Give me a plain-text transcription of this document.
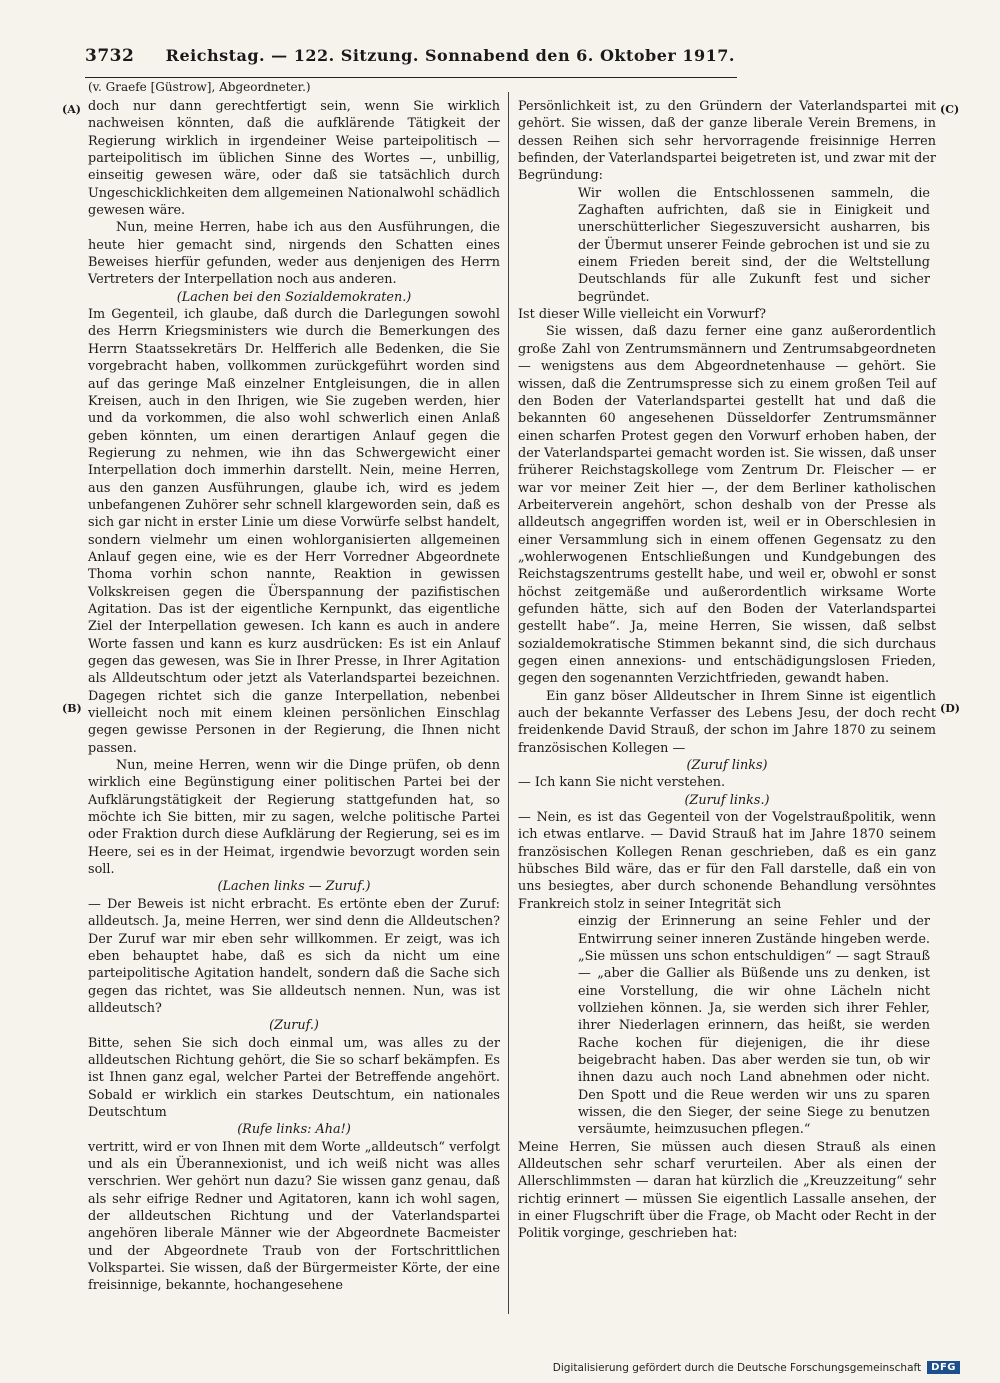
3732 Reichstag. — 122. Sitzung. Sonnabend den 6. Oktober 1917.
(v. Graefe [Güstrow], Abgeordneter.)
(A)
(B)
(C)
(D)

doch nur dann gerechtfertigt sein, wenn Sie wirklich nachweisen könnten, daß die aufklärende Tätigkeit der Regierung wirklich in irgendeiner Weise parteipolitisch — parteipolitisch im üblichen Sinne des Wortes —, unbillig, einseitig gewesen wäre, oder daß sie tatsächlich durch Ungeschicklichkeiten dem allgemeinen Nationalwohl schädlich gewesen wäre.

Nun, meine Herren, habe ich aus den Ausführungen, die heute hier gemacht sind, nirgends den Schatten eines Beweises hierfür gefunden, weder aus denjenigen des Herrn Vertreters der Interpellation noch aus anderen.

(Lachen bei den Sozialdemokraten.)

Im Gegenteil, ich glaube, daß durch die Darlegungen sowohl des Herrn Kriegsministers wie durch die Bemerkungen des Herrn Staatssekretärs Dr. Helfferich alle Bedenken, die Sie vorgebracht haben, vollkommen zurückgeführt worden sind auf das geringe Maß einzelner Entgleisungen, die in allen Kreisen, auch in den Ihrigen, wie Sie zugeben werden, hier und da vorkommen, die also wohl schwerlich einen Anlaß geben könnten, um einen derartigen Anlauf gegen die Regierung zu nehmen, wie ihn das Schwergewicht einer Interpellation doch immerhin darstellt. Nein, meine Herren, aus den ganzen Ausführungen, glaube ich, wird es jedem unbefangenen Zuhörer sehr schnell klargeworden sein, daß es sich gar nicht in erster Linie um diese Vorwürfe selbst handelt, sondern vielmehr um einen wohlorganisierten allgemeinen Anlauf gegen eine, wie es der Herr Vorredner Abgeordnete Thoma vorhin schon nannte, Reaktion in gewissen Volkskreisen gegen die Überspannung der pazifistischen Agitation. Das ist der eigentliche Kernpunkt, das eigentliche Ziel der Interpellation gewesen. Ich kann es auch in andere Worte fassen und kann es kurz ausdrücken: Es ist ein Anlauf gegen das gewesen, was Sie in Ihrer Presse, in Ihrer Agitation als Alldeutschtum oder jetzt als Vaterlandspartei bezeichnen. Dagegen richtet sich die ganze Interpellation, nebenbei vielleicht noch mit einem kleinen persönlichen Einschlag gegen gewisse Personen in der Regierung, die Ihnen nicht passen.

Nun, meine Herren, wenn wir die Dinge prüfen, ob denn wirklich eine Begünstigung einer politischen Partei bei der Aufklärungstätigkeit der Regierung stattgefunden hat, so möchte ich Sie bitten, mir zu sagen, welche politische Partei oder Fraktion durch diese Aufklärung der Regierung, sei es im Heere, sei es in der Heimat, irgendwie bevorzugt worden sein soll.

(Lachen links — Zuruf.)

— Der Beweis ist nicht erbracht. Es ertönte eben der Zuruf: alldeutsch. Ja, meine Herren, wer sind denn die Alldeutschen? Der Zuruf war mir eben sehr willkommen. Er zeigt, was ich eben behauptet habe, daß es sich da nicht um eine parteipolitische Agitation handelt, sondern daß die Sache sich gegen das richtet, was Sie alldeutsch nennen. Nun, was ist alldeutsch?

(Zuruf.)

Bitte, sehen Sie sich doch einmal um, was alles zu der alldeutschen Richtung gehört, die Sie so scharf bekämpfen. Es ist Ihnen ganz egal, welcher Partei der Betreffende angehört. Sobald er wirklich ein starkes Deutschtum, ein nationales Deutschtum

(Rufe links: Aha!)

vertritt, wird er von Ihnen mit dem Worte „alldeutsch“ verfolgt und als ein Überannexionist, und ich weiß nicht was alles verschrien. Wer gehört nun dazu? Sie wissen ganz genau, daß als sehr eifrige Redner und Agitatoren, kann ich wohl sagen, der alldeutschen Richtung und der Vaterlandspartei angehören liberale Männer wie der Abgeordnete Bacmeister und der Abgeordnete Traub von der Fortschrittlichen Volkspartei. Sie wissen, daß der Bürgermeister Körte, der eine freisinnige, bekannte, hochangesehene

Persönlichkeit ist, zu den Gründern der Vaterlandspartei mit gehört. Sie wissen, daß der ganze liberale Verein Bremens, in dessen Reihen sich sehr hervorragende freisinnige Herren befinden, der Vaterlandspartei beigetreten ist, und zwar mit der Begründung:

Wir wollen die Entschlossenen sammeln, die Zaghaften aufrichten, daß sie in Einigkeit und unerschütterlicher Siegeszuversicht ausharren, bis der Übermut unserer Feinde gebrochen ist und sie zu einem Frieden bereit sind, der die Weltstellung Deutschlands für alle Zukunft fest und sicher begründet.

Ist dieser Wille vielleicht ein Vorwurf?

Sie wissen, daß dazu ferner eine ganz außerordentlich große Zahl von Zentrumsmännern und Zentrumsabgeordneten — wenigstens aus dem Abgeordnetenhause — gehört. Sie wissen, daß die Zentrumspresse sich zu einem großen Teil auf den Boden der Vaterlandspartei gestellt hat und daß die bekannten 60 angesehenen Düsseldorfer Zentrumsmänner einen scharfen Protest gegen den Vorwurf erhoben haben, der der Vaterlandspartei gemacht worden ist. Sie wissen, daß unser früherer Reichstagskollege vom Zentrum Dr. Fleischer — er war vor meiner Zeit hier —, der dem Berliner katholischen Arbeiterverein angehört, schon deshalb von der Presse als alldeutsch angegriffen worden ist, weil er in Oberschlesien in einer Versammlung sich in einem offenen Gegensatz zu den „wohlerwogenen Entschließungen und Kundgebungen des Reichstagszentrums gestellt habe, und weil er, obwohl er sonst höchst zeitgemäße und außerordentlich wirksame Worte gefunden hätte, sich auf den Boden der Vaterlandspartei gestellt habe“. Ja, meine Herren, Sie wissen, daß selbst sozialdemokratische Stimmen bekannt sind, die sich durchaus gegen einen annexions- und entschädigungslosen Frieden, gegen den sogenannten Verzichtfrieden, gewandt haben.

Ein ganz böser Alldeutscher in Ihrem Sinne ist eigentlich auch der bekannte Verfasser des Lebens Jesu, der doch recht freidenkende David Strauß, der schon im Jahre 1870 zu seinem französischen Kollegen —

(Zuruf links)

— Ich kann Sie nicht verstehen.

(Zuruf links.)

— Nein, es ist das Gegenteil von der Vogelstraußpolitik, wenn ich etwas entlarve. — David Strauß hat im Jahre 1870 seinem französischen Kollegen Renan geschrieben, daß es ein ganz hübsches Bild wäre, das er für den Fall darstelle, daß ein von uns besiegtes, aber durch schonende Behandlung versöhntes Frankreich stolz in seiner Integrität sich

einzig der Erinnerung an seine Fehler und der Entwirrung seiner inneren Zustände hingeben werde. „Sie müssen uns schon entschuldigen“ — sagt Strauß — „aber die Gallier als Büßende uns zu denken, ist eine Vorstellung, die wir ohne Lächeln nicht vollziehen können. Ja, sie werden sich ihrer Fehler, ihrer Niederlagen erinnern, das heißt, sie werden Rache kochen für diejenigen, die ihr diese beigebracht haben. Das aber werden sie tun, ob wir ihnen dazu auch noch Land abnehmen oder nicht. Den Spott und die Reue werden wir uns zu sparen wissen, die den Sieger, der seine Siege zu benutzen versäumte, heimzusuchen pflegen.“

Meine Herren, Sie müssen auch diesen Strauß als einen Alldeutschen sehr scharf verurteilen. Aber als einen der Allerschlimmsten — daran hat kürzlich die „Kreuzzeitung“ sehr richtig erinnert — müssen Sie eigentlich Lassalle ansehen, der in einer Flugschrift über die Frage, ob Macht oder Recht in der Politik vorginge, geschrieben hat:

Digitalisierung gefördert durch die Deutsche Forschungsgemeinschaft	DFG
